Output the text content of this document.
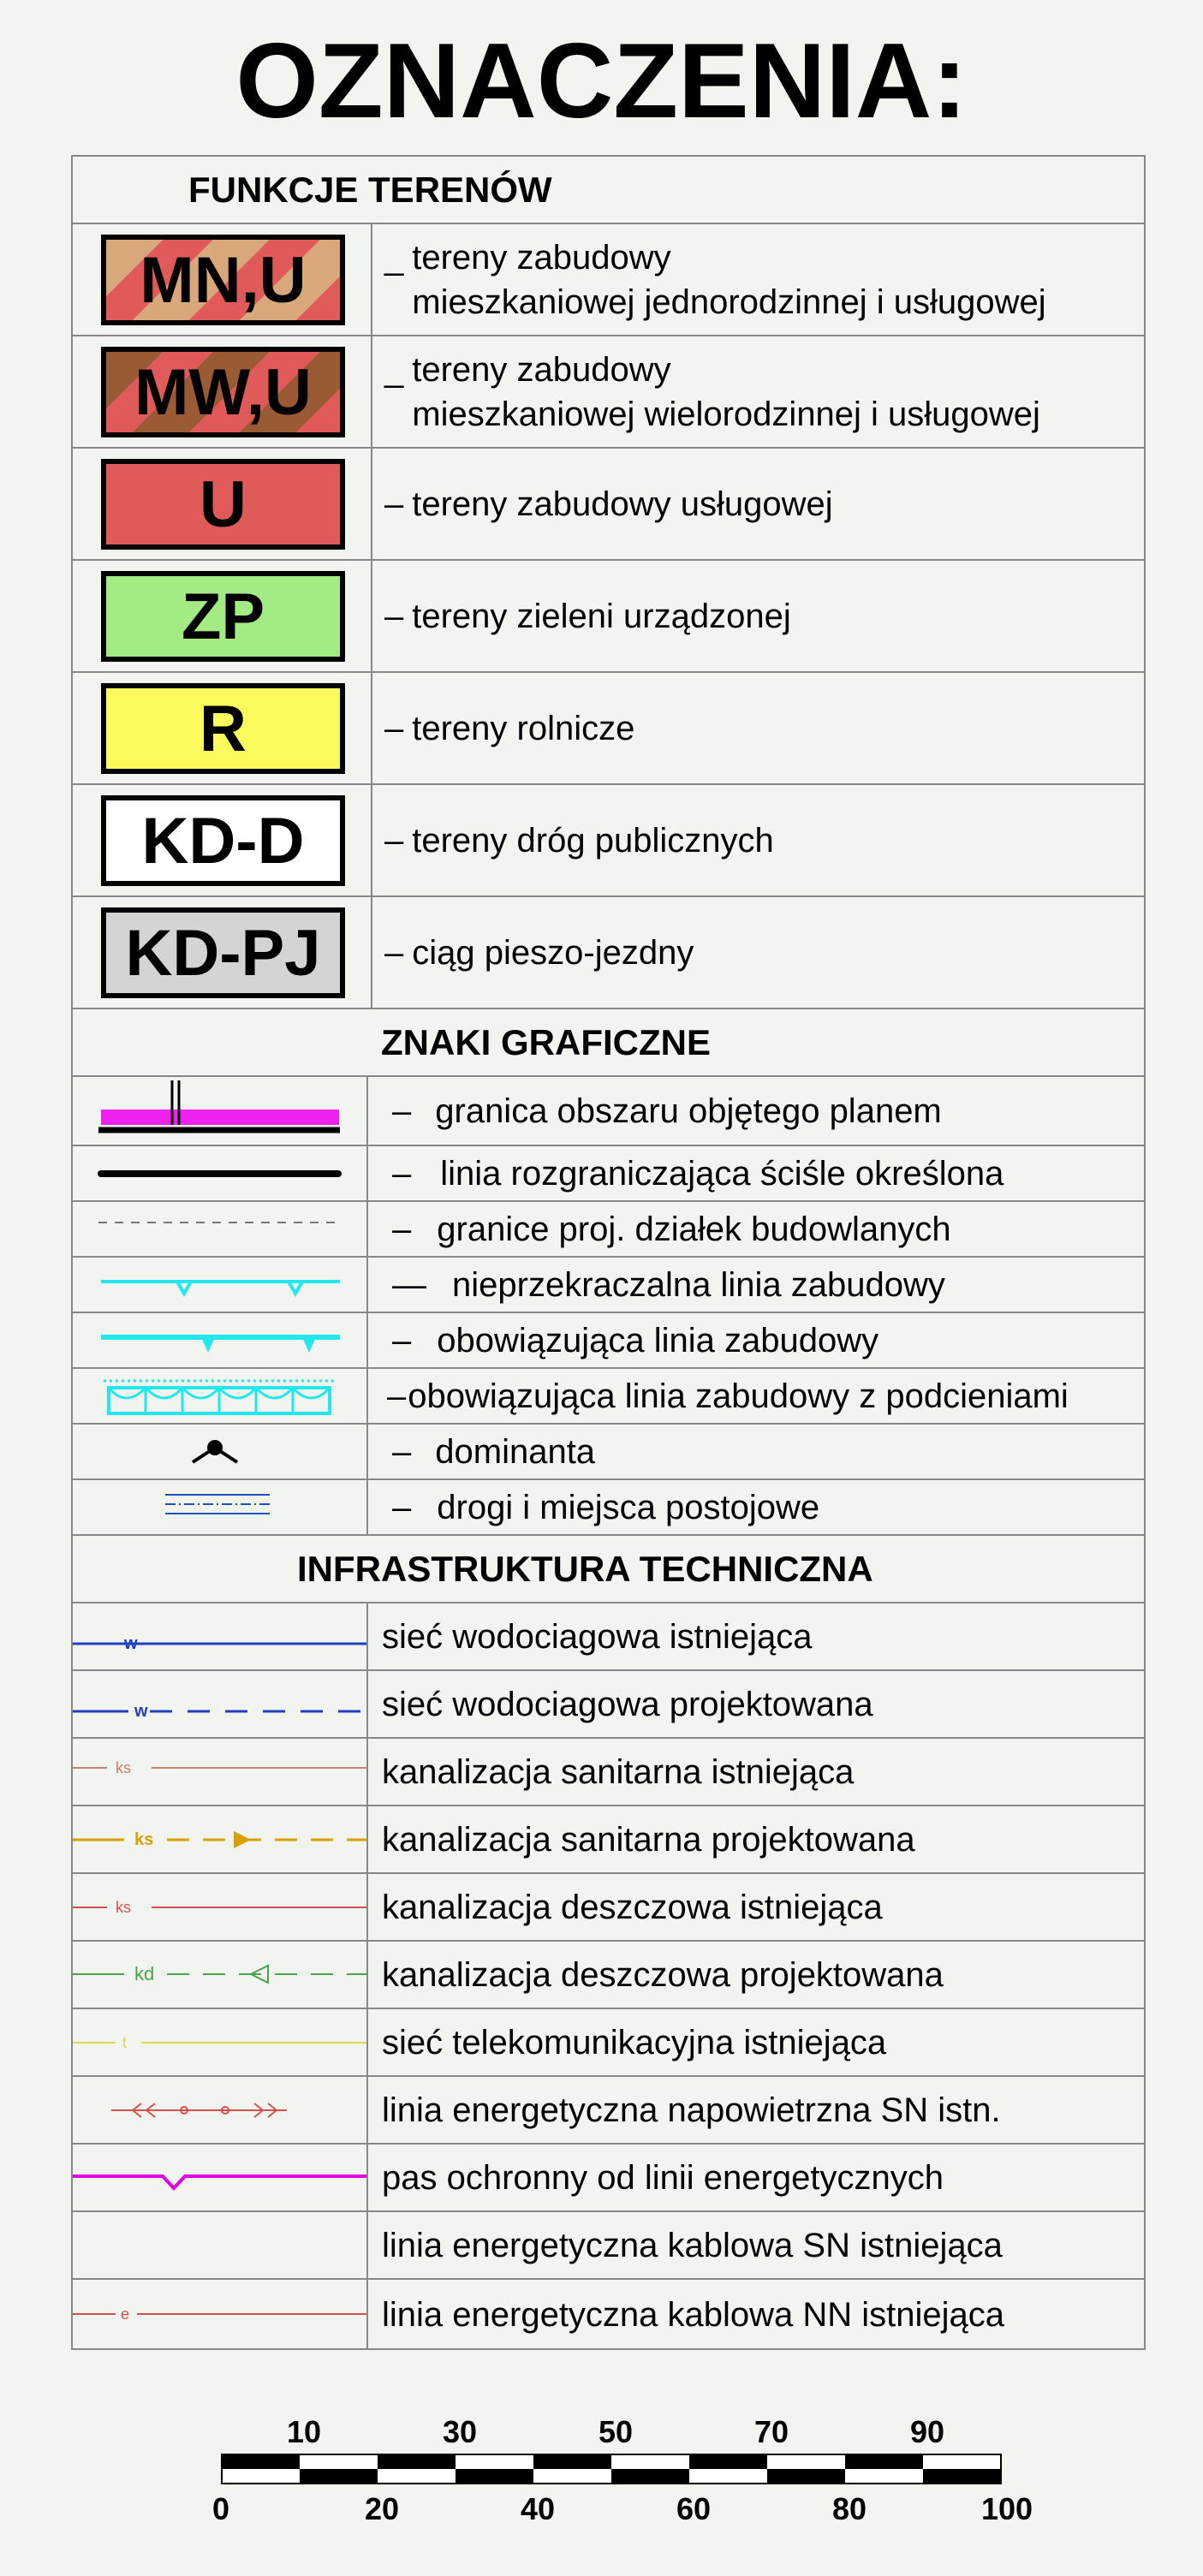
OZNACZENIA:
FUNKCJE TERENÓW
MN,U _ tereny zabudowy
mieszkaniowej jednorodzinnej i usługowej
MW,U _ tereny zabudowy
mieszkaniowej wielorodzinnej i usługowej
U	– tereny zabudowy usługowej
ZP	– tereny zieleni urządzonej
R	– tereny rolnicze
KD-D – tereny dróg publicznych
KD-PJ – ciąg pieszo-jezdny
ZNAKI GRAFICZNE
– granica obszaru objętego planem
– linia rozgraniczająca ściśle określona
– granice proj. działek budowlanych
— nieprzekraczalna linia zabudowy
– obowiązująca linia zabudowy
– obowiązująca linia zabudowy z podcieniami
– dominanta
– drogi i miejsca postojowe
INFRASTRUKTURA TECHNICZNA
w	sieć wodociagowa istniejąca
w	sieć wodociagowa projektowana
ks	kanalizacja sanitarna istniejąca
ks	kanalizacja sanitarna projektowana
ks	kanalizacja deszczowa istniejąca
kd	kanalizacja deszczowa projektowana
t	sieć telekomunikacyjna istniejąca
linia energetyczna napowietrzna SN istn.
pas ochronny od linii energetycznych
linia energetyczna kablowa SN istniejąca
e	linia energetyczna kablowa NN istniejąca
10	30	50	70	90
0	20	40	60	80	100
